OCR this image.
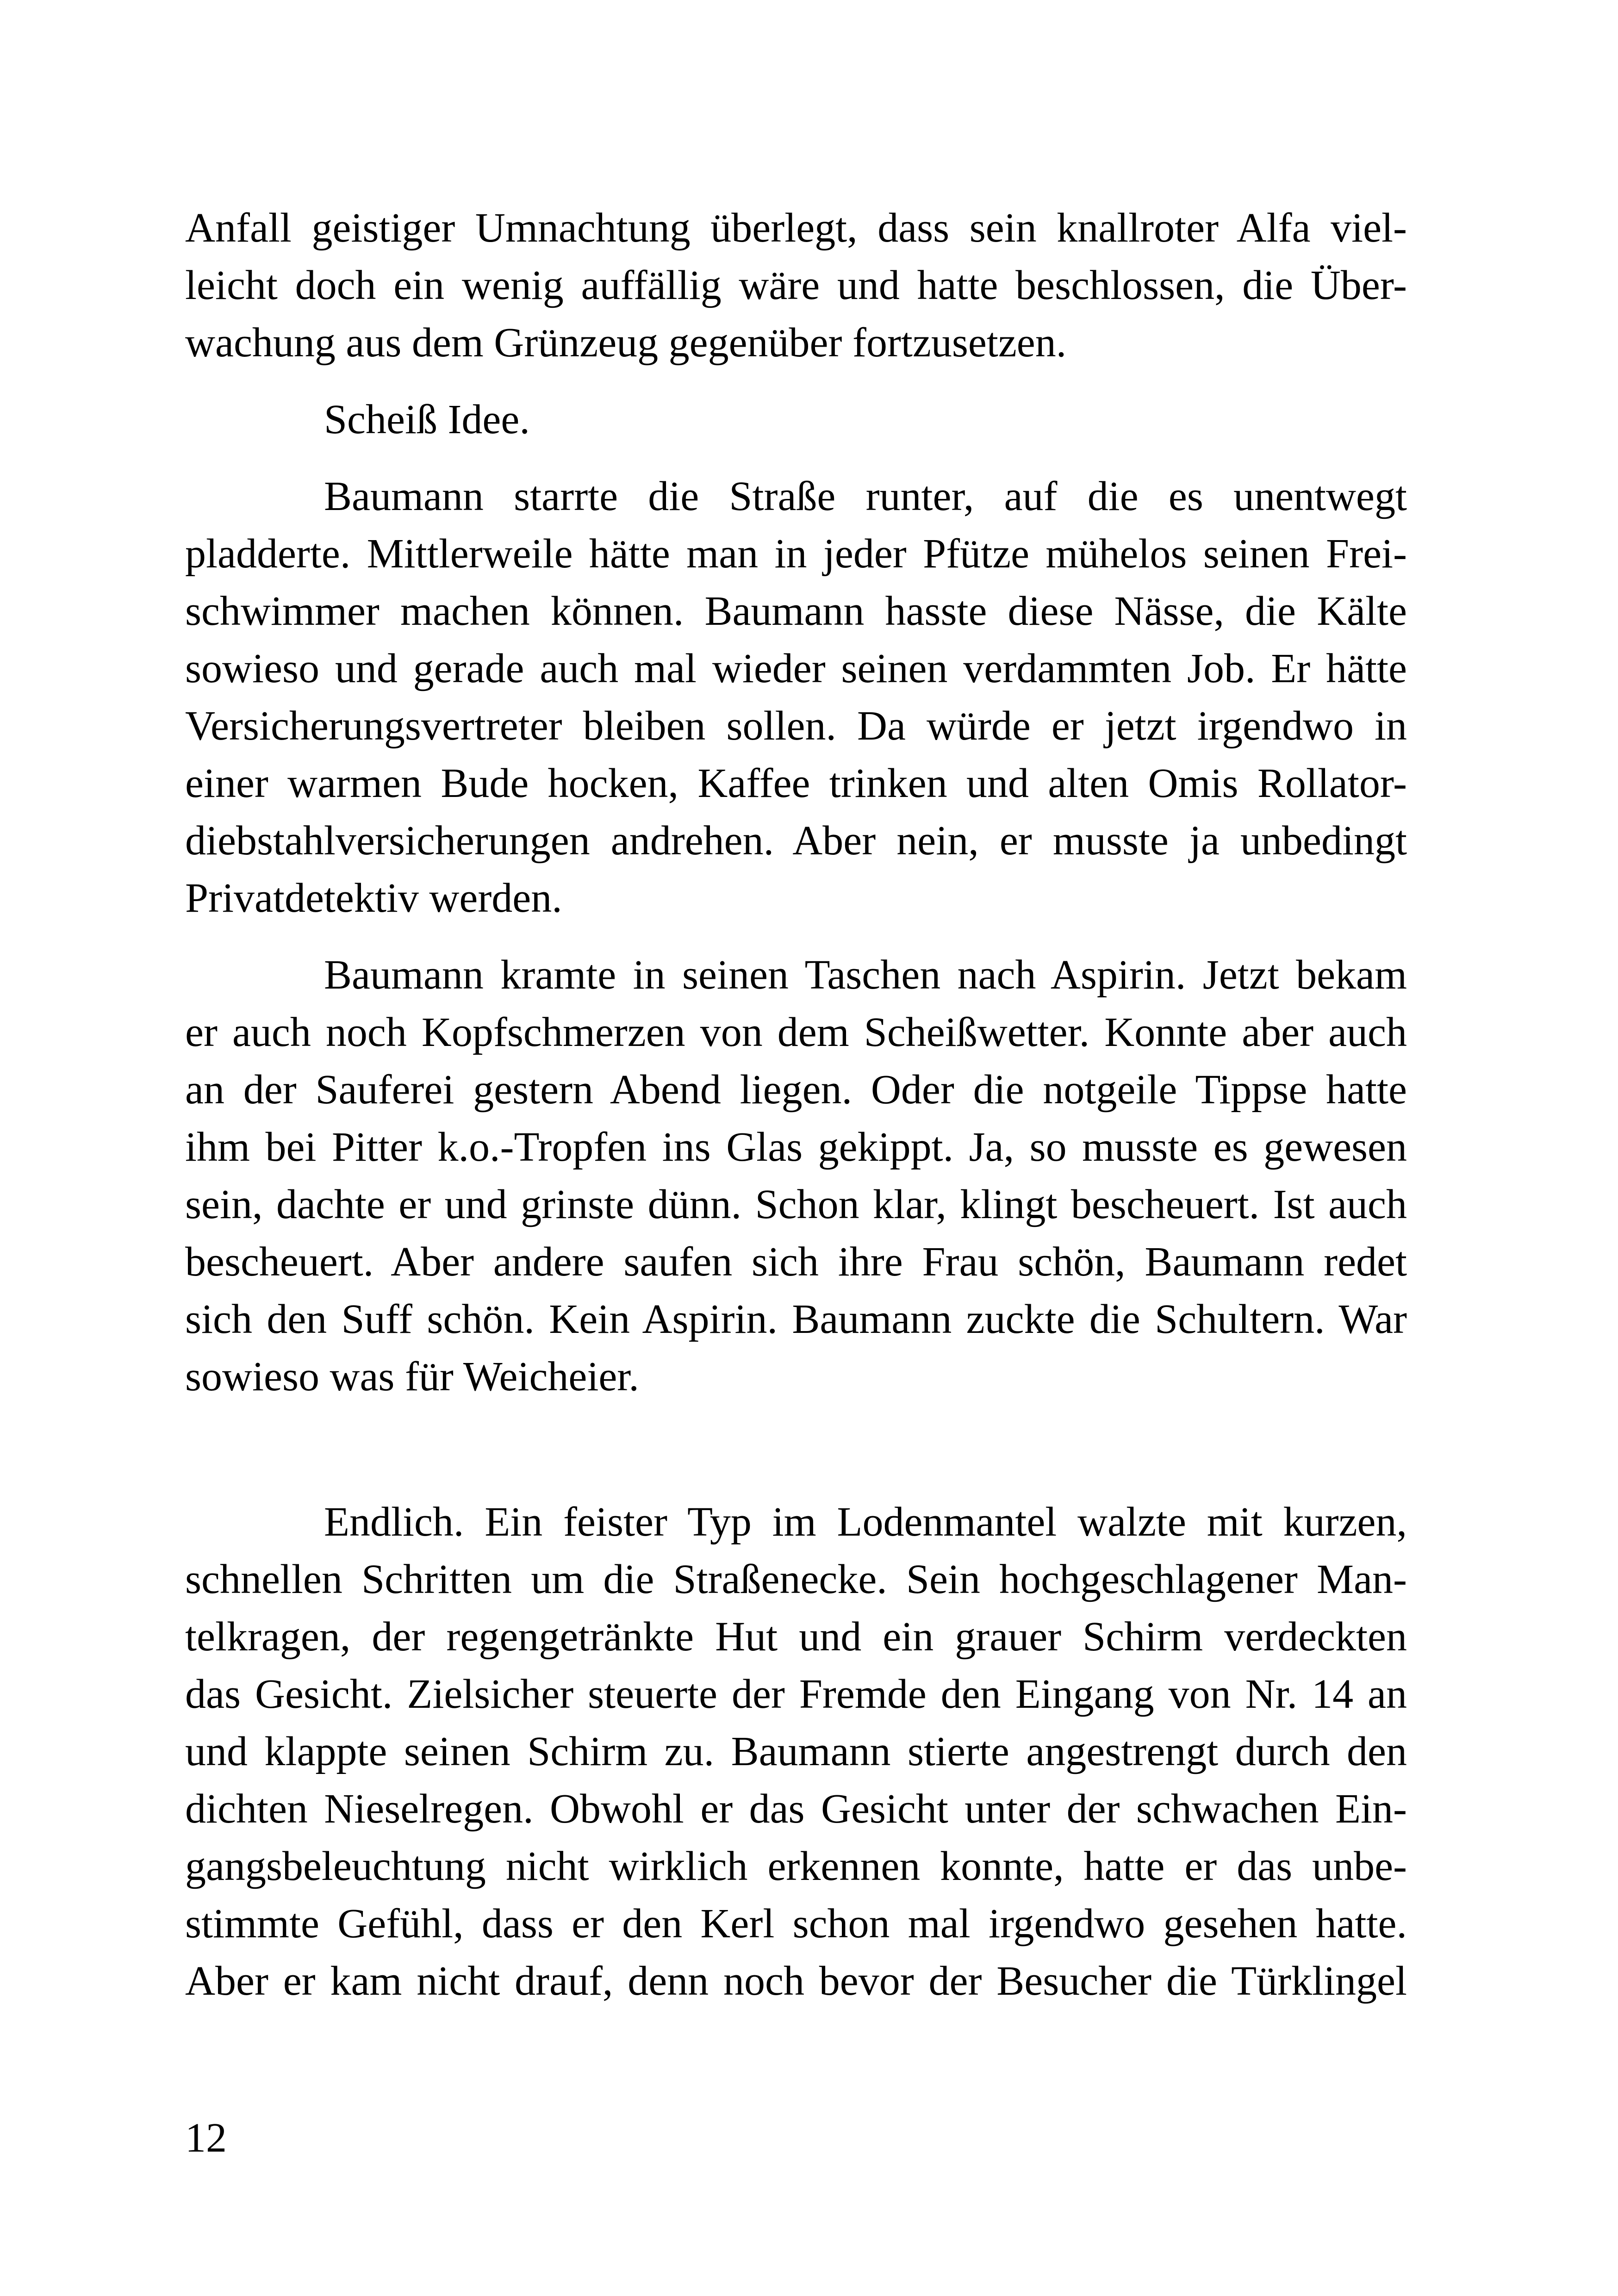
Anfall geistiger Umnachtung überlegt, dass sein knallroter Alfa viel-
leicht doch ein wenig auffällig wäre und hatte beschlossen, die Über-
wachung aus dem Grünzeug gegenüber fortzusetzen.
Scheiß Idee.
Baumann starrte die Straße runter, auf die es unentwegt
pladderte. Mittlerweile hätte man in jeder Pfütze mühelos seinen Frei-
schwimmer machen können. Baumann hasste diese Nässe, die Kälte
sowieso und gerade auch mal wieder seinen verdammten Job. Er hätte
Versicherungsvertreter bleiben sollen. Da würde er jetzt irgendwo in
einer warmen Bude hocken, Kaffee trinken und alten Omis Rollator-
diebstahlversicherungen andrehen. Aber nein, er musste ja unbedingt
Privatdetektiv werden.
Baumann kramte in seinen Taschen nach Aspirin. Jetzt bekam
er auch noch Kopfschmerzen von dem Scheißwetter. Konnte aber auch
an der Sauferei gestern Abend liegen. Oder die notgeile Tippse hatte
ihm bei Pitter k.o.-Tropfen ins Glas gekippt. Ja, so musste es gewesen
sein, dachte er und grinste dünn. Schon klar, klingt bescheuert. Ist auch
bescheuert. Aber andere saufen sich ihre Frau schön, Baumann redet
sich den Suff schön. Kein Aspirin. Baumann zuckte die Schultern. War
sowieso was für Weicheier.
Endlich. Ein feister Typ im Lodenmantel walzte mit kurzen,
schnellen Schritten um die Straßenecke. Sein hochgeschlagener Man-
telkragen, der regengetränkte Hut und ein grauer Schirm verdeckten
das Gesicht. Zielsicher steuerte der Fremde den Eingang von Nr. 14 an
und klappte seinen Schirm zu. Baumann stierte angestrengt durch den
dichten Nieselregen. Obwohl er das Gesicht unter der schwachen Ein-
gangsbeleuchtung nicht wirklich erkennen konnte, hatte er das unbe-
stimmte Gefühl, dass er den Kerl schon mal irgendwo gesehen hatte.
Aber er kam nicht drauf, denn noch bevor der Besucher die Türklingel
12
